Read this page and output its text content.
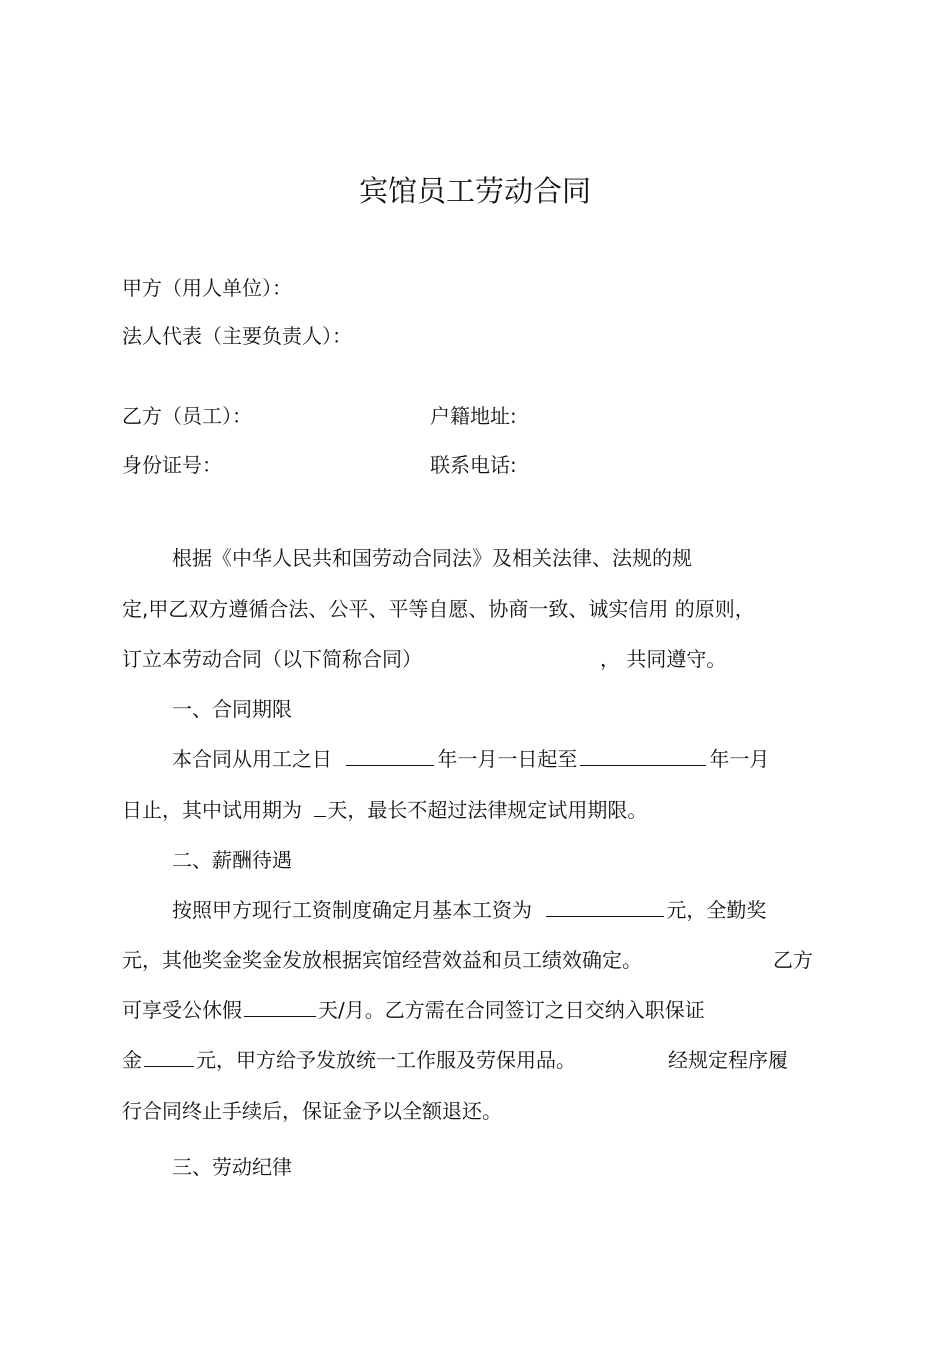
宾馆员工劳动合同
甲方（用人单位）：
法人代表（主要负责人）：
乙方（员工）：	户籍地址:
身份证号：	联系电话:
根据《中华人民共和国劳动合同法》及相关法律、法规的规
定,甲乙双方遵循合法、公平、平等自愿、协商一致、诚实信用 的原则，
订立本劳动合同（以下简称合同）	， 共同遵守。
一、合同期限
本合同从用工之日	年一月一日起至	年一月
日止，其中试用期为 天，最长不超过法律规定试用期限。
二、薪酬待遇
按照甲方现行工资制度确定月基本工资为	元，全勤奖
元，其他奖金奖金发放根据宾馆经营效益和员工绩效确定。	乙方
可享受公休假	天/月。乙方需在合同签订之日交纳入职保证
金	元，甲方给予发放统一工作服及劳保用品。	经规定程序履
行合同终止手续后，保证金予以全额退还。
三、劳动纪律
